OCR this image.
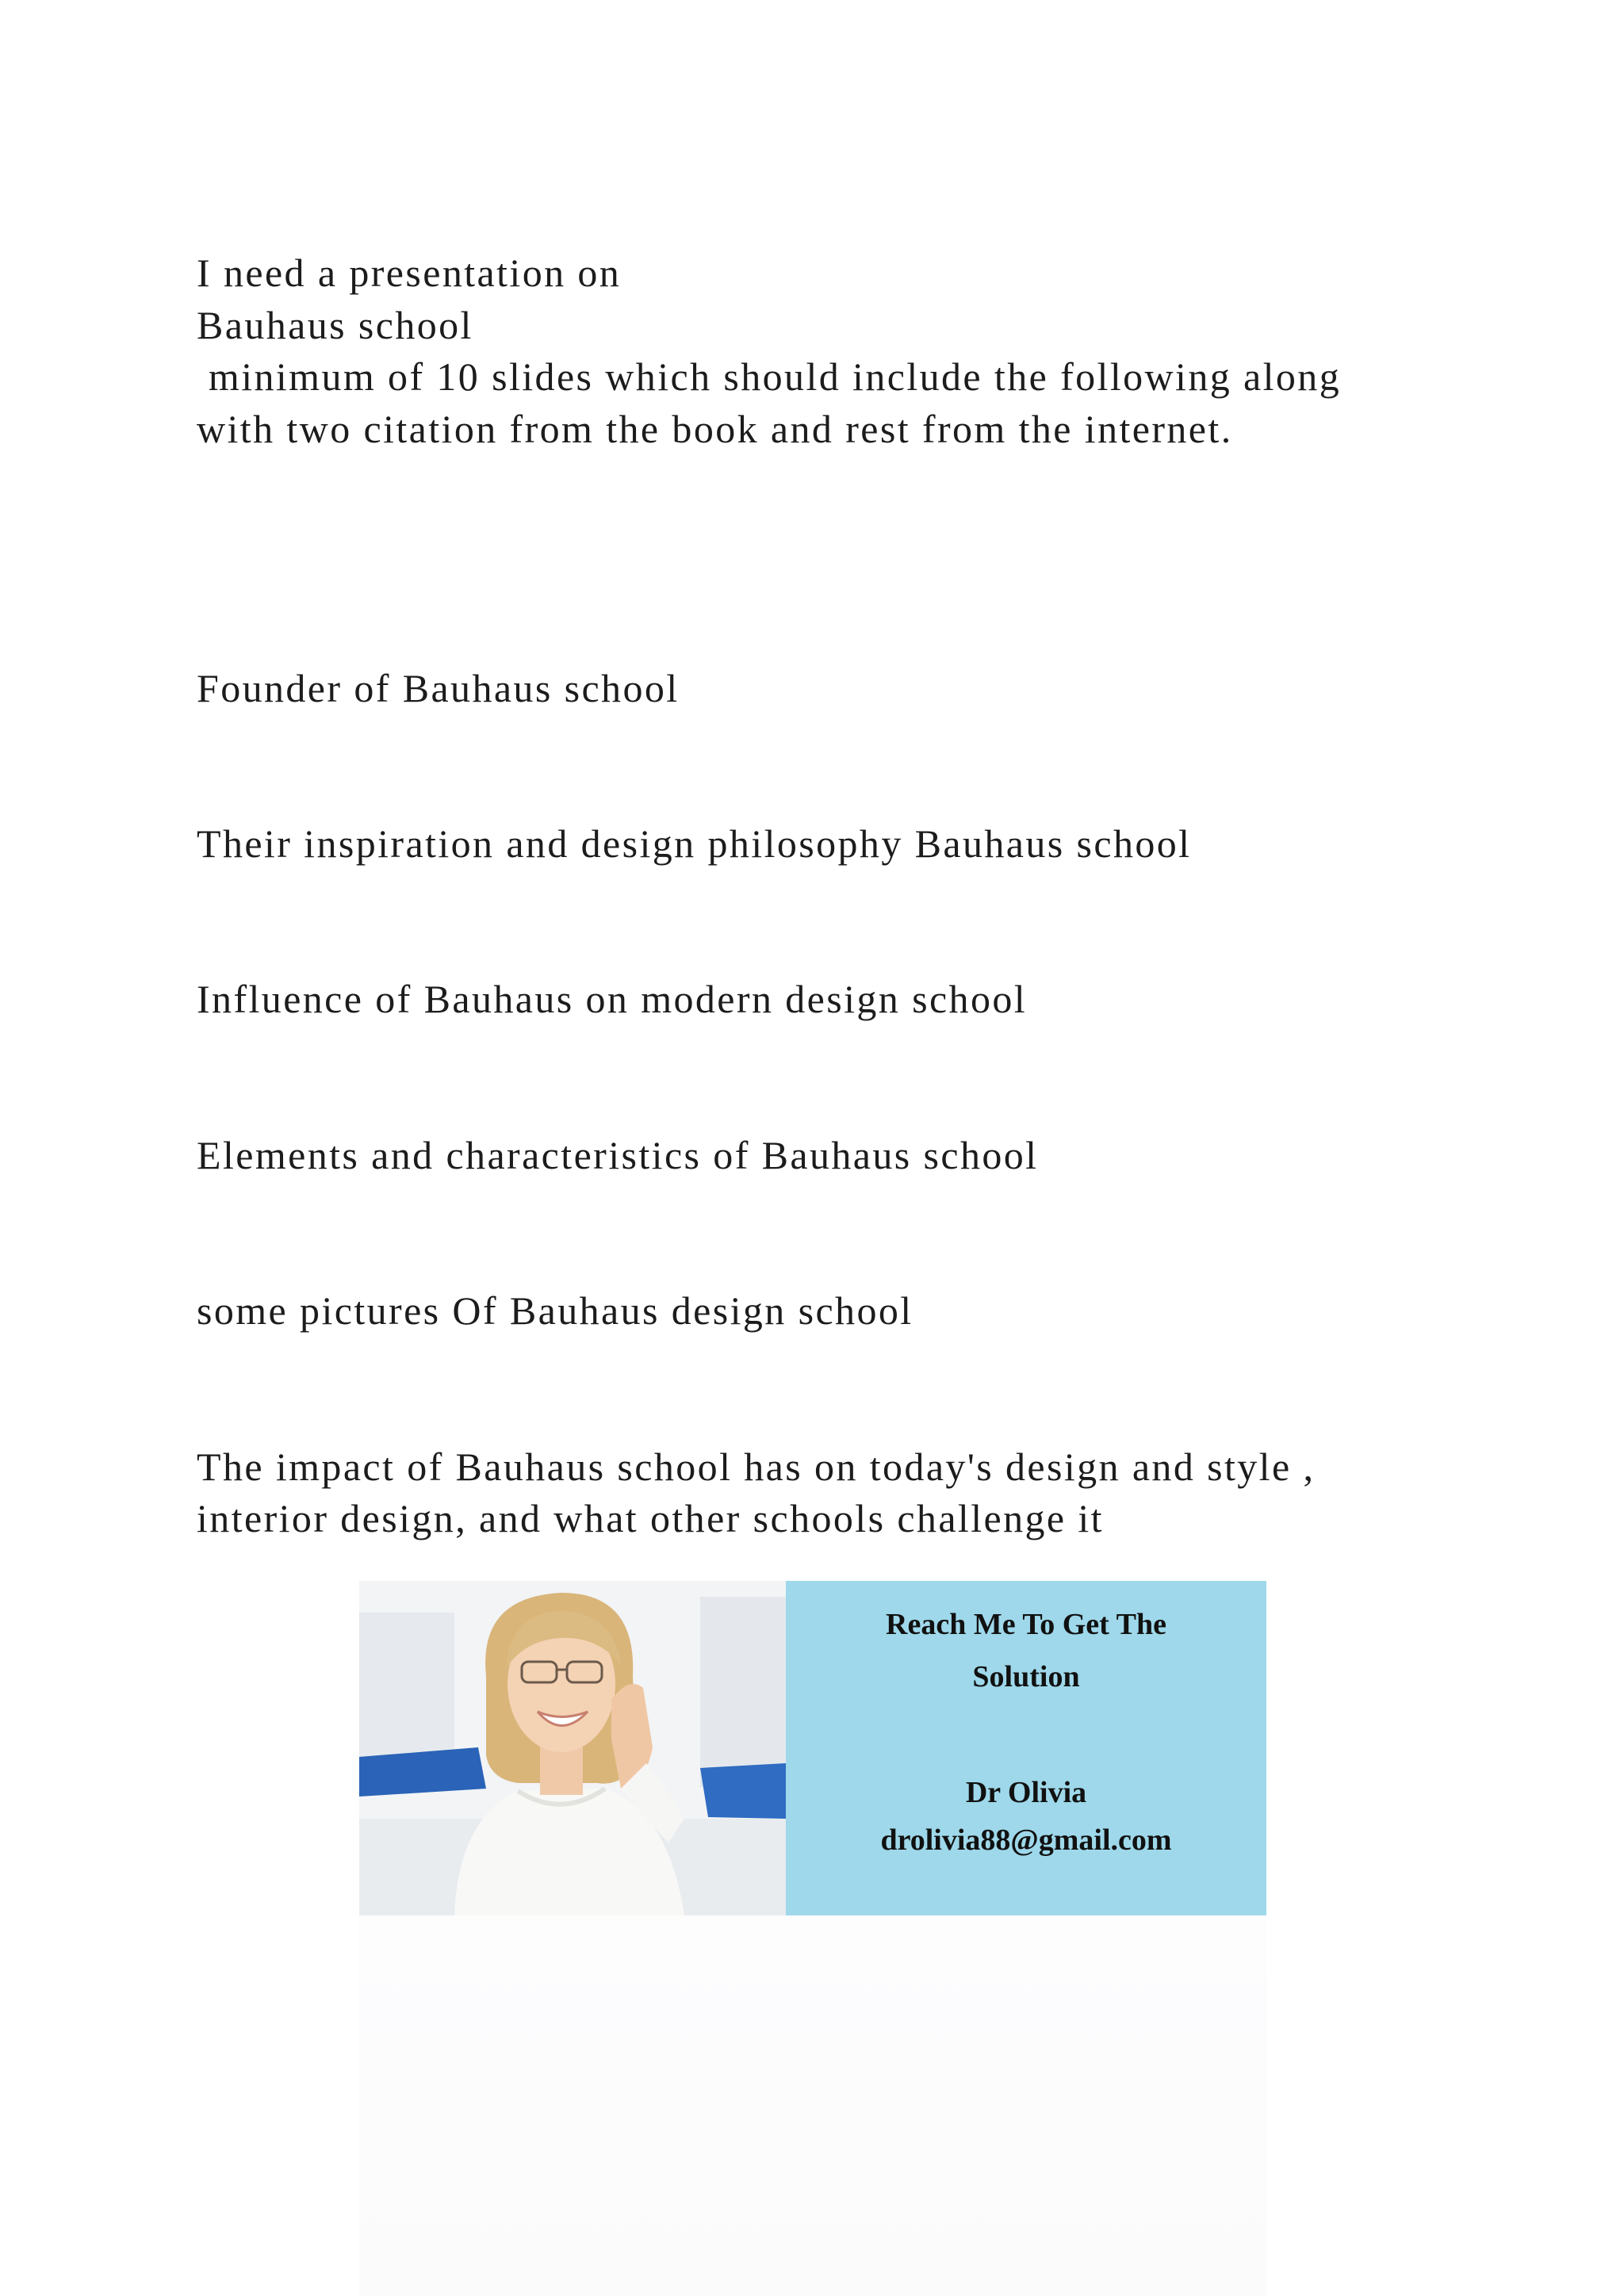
I need a presentation on
Bauhaus school
minimum of 10 slides which should include the following along
with two citation from the book and rest from the internet.
Founder of Bauhaus school
Their inspiration and design philosophy Bauhaus school
Influence of Bauhaus on modern design school
Elements and characteristics of Bauhaus school
some pictures Of Bauhaus design school
The impact of Bauhaus school has on today's design and style ,
interior design, and what other schools challenge it
Reach Me To Get The
Solution
Dr Olivia
drolivia88@gmail.com
